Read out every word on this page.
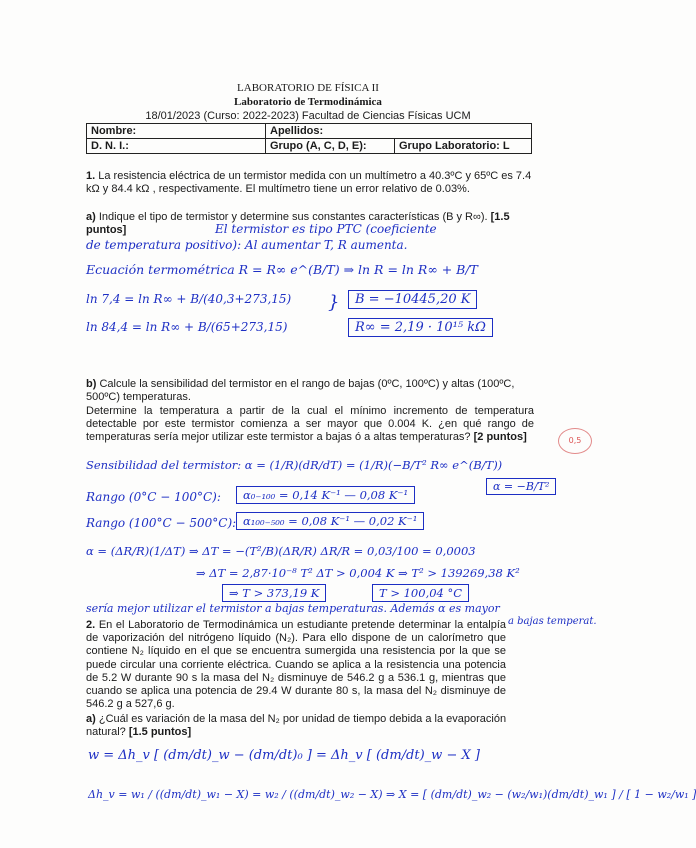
LABORATORIO DE FÍSICA II
Laboratorio de Termodinámica
18/01/2023 (Curso: 2022-2023) Facultad de Ciencias Físicas UCM
Nombre:	Apellidos:	
D. N. I.:	Grupo (A, C, D, E):	Grupo Laboratorio: L
1. La resistencia eléctrica de un termistor medida con un multímetro a 40.3ºC y 65ºC es 7.4 kΩ y 84.4 kΩ , respectivamente. El multímetro tiene un error relativo de 0.03%.
a) Indique el tipo de termistor y determine sus constantes características (B y R∞). [1.5 puntos]	El termistor es tipo PTC (coeficiente
de temperatura positivo): Al aumentar T, R aumenta.
Ecuación termométrica R = R∞ e^(B/T) ⇒ ln R = ln R∞ + B/T
ln 7,4 = ln R∞ + B/(40,3+273,15)
ln 84,4 = ln R∞ + B/(65+273,15)
}	B = −10445,20 K
R∞ = 2,19 · 10¹⁵ kΩ
b) Calcule la sensibilidad del termistor en el rango de bajas (0ºC, 100ºC) y altas (100ºC, 500ºC) temperaturas.
Determine la temperatura a partir de la cual el mínimo incremento de temperatura detectable por este termistor comienza a ser mayor que 0.004 K. ¿en qué rango de temperaturas sería mejor utilizar este termistor a bajas ó a altas temperaturas? [2 puntos]	0,5
Sensibilidad del termistor: α = (1/R)(dR/dT) = (1/R)(−B/T² R∞ e^(B/T))
α = −B/T²
Rango (0°C − 100°C):	α₀₋₁₀₀ = 0,14 K⁻¹ — 0,08 K⁻¹
Rango (100°C − 500°C): α₁₀₀₋₅₀₀ = 0,08 K⁻¹ — 0,02 K⁻¹
α = (ΔR/R)(1/ΔT) ⇒ ΔT = −(T²/B)(ΔR/R) ΔR/R = 0,03/100 = 0,0003
⇒ ΔT = 2,87·10⁻⁸ T² ΔT > 0,004 K ⇒ T² > 139269,38 K²
⇒ T > 373,19 K	T > 100,04 °C
sería mejor utilizar el termistor a bajas temperaturas. Además α es mayor
a bajas temperat.
2. En el Laboratorio de Termodinámica un estudiante pretende determinar la entalpía de vaporización del nitrógeno líquido (N₂). Para ello dispone de un calorímetro que contiene N₂ líquido en el que se encuentra sumergida una resistencia por la que se puede circular una corriente eléctrica. Cuando se aplica a la resistencia una potencia de 5.2 W durante 90 s la masa del N₂ disminuye de 546.2 g a 536.1 g, mientras que cuando se aplica una potencia de 29.4 W durante 80 s, la masa del N₂ disminuye de 546.2 g a 527,6 g.
a) ¿Cuál es variación de la masa del N₂ por unidad de tiempo debida a la evaporación natural? [1.5 puntos]
w = Δh_v [ (dm/dt)_w − (dm/dt)₀ ] = Δh_v [ (dm/dt)_w − X ]
Δh_v = w₁ / ((dm/dt)_w₁ − X) = w₂ / ((dm/dt)_w₂ − X) ⇒ X = [ (dm/dt)_w₂ − (w₂/w₁)(dm/dt)_w₁ ] / [ 1 − w₂/w₁ ]
